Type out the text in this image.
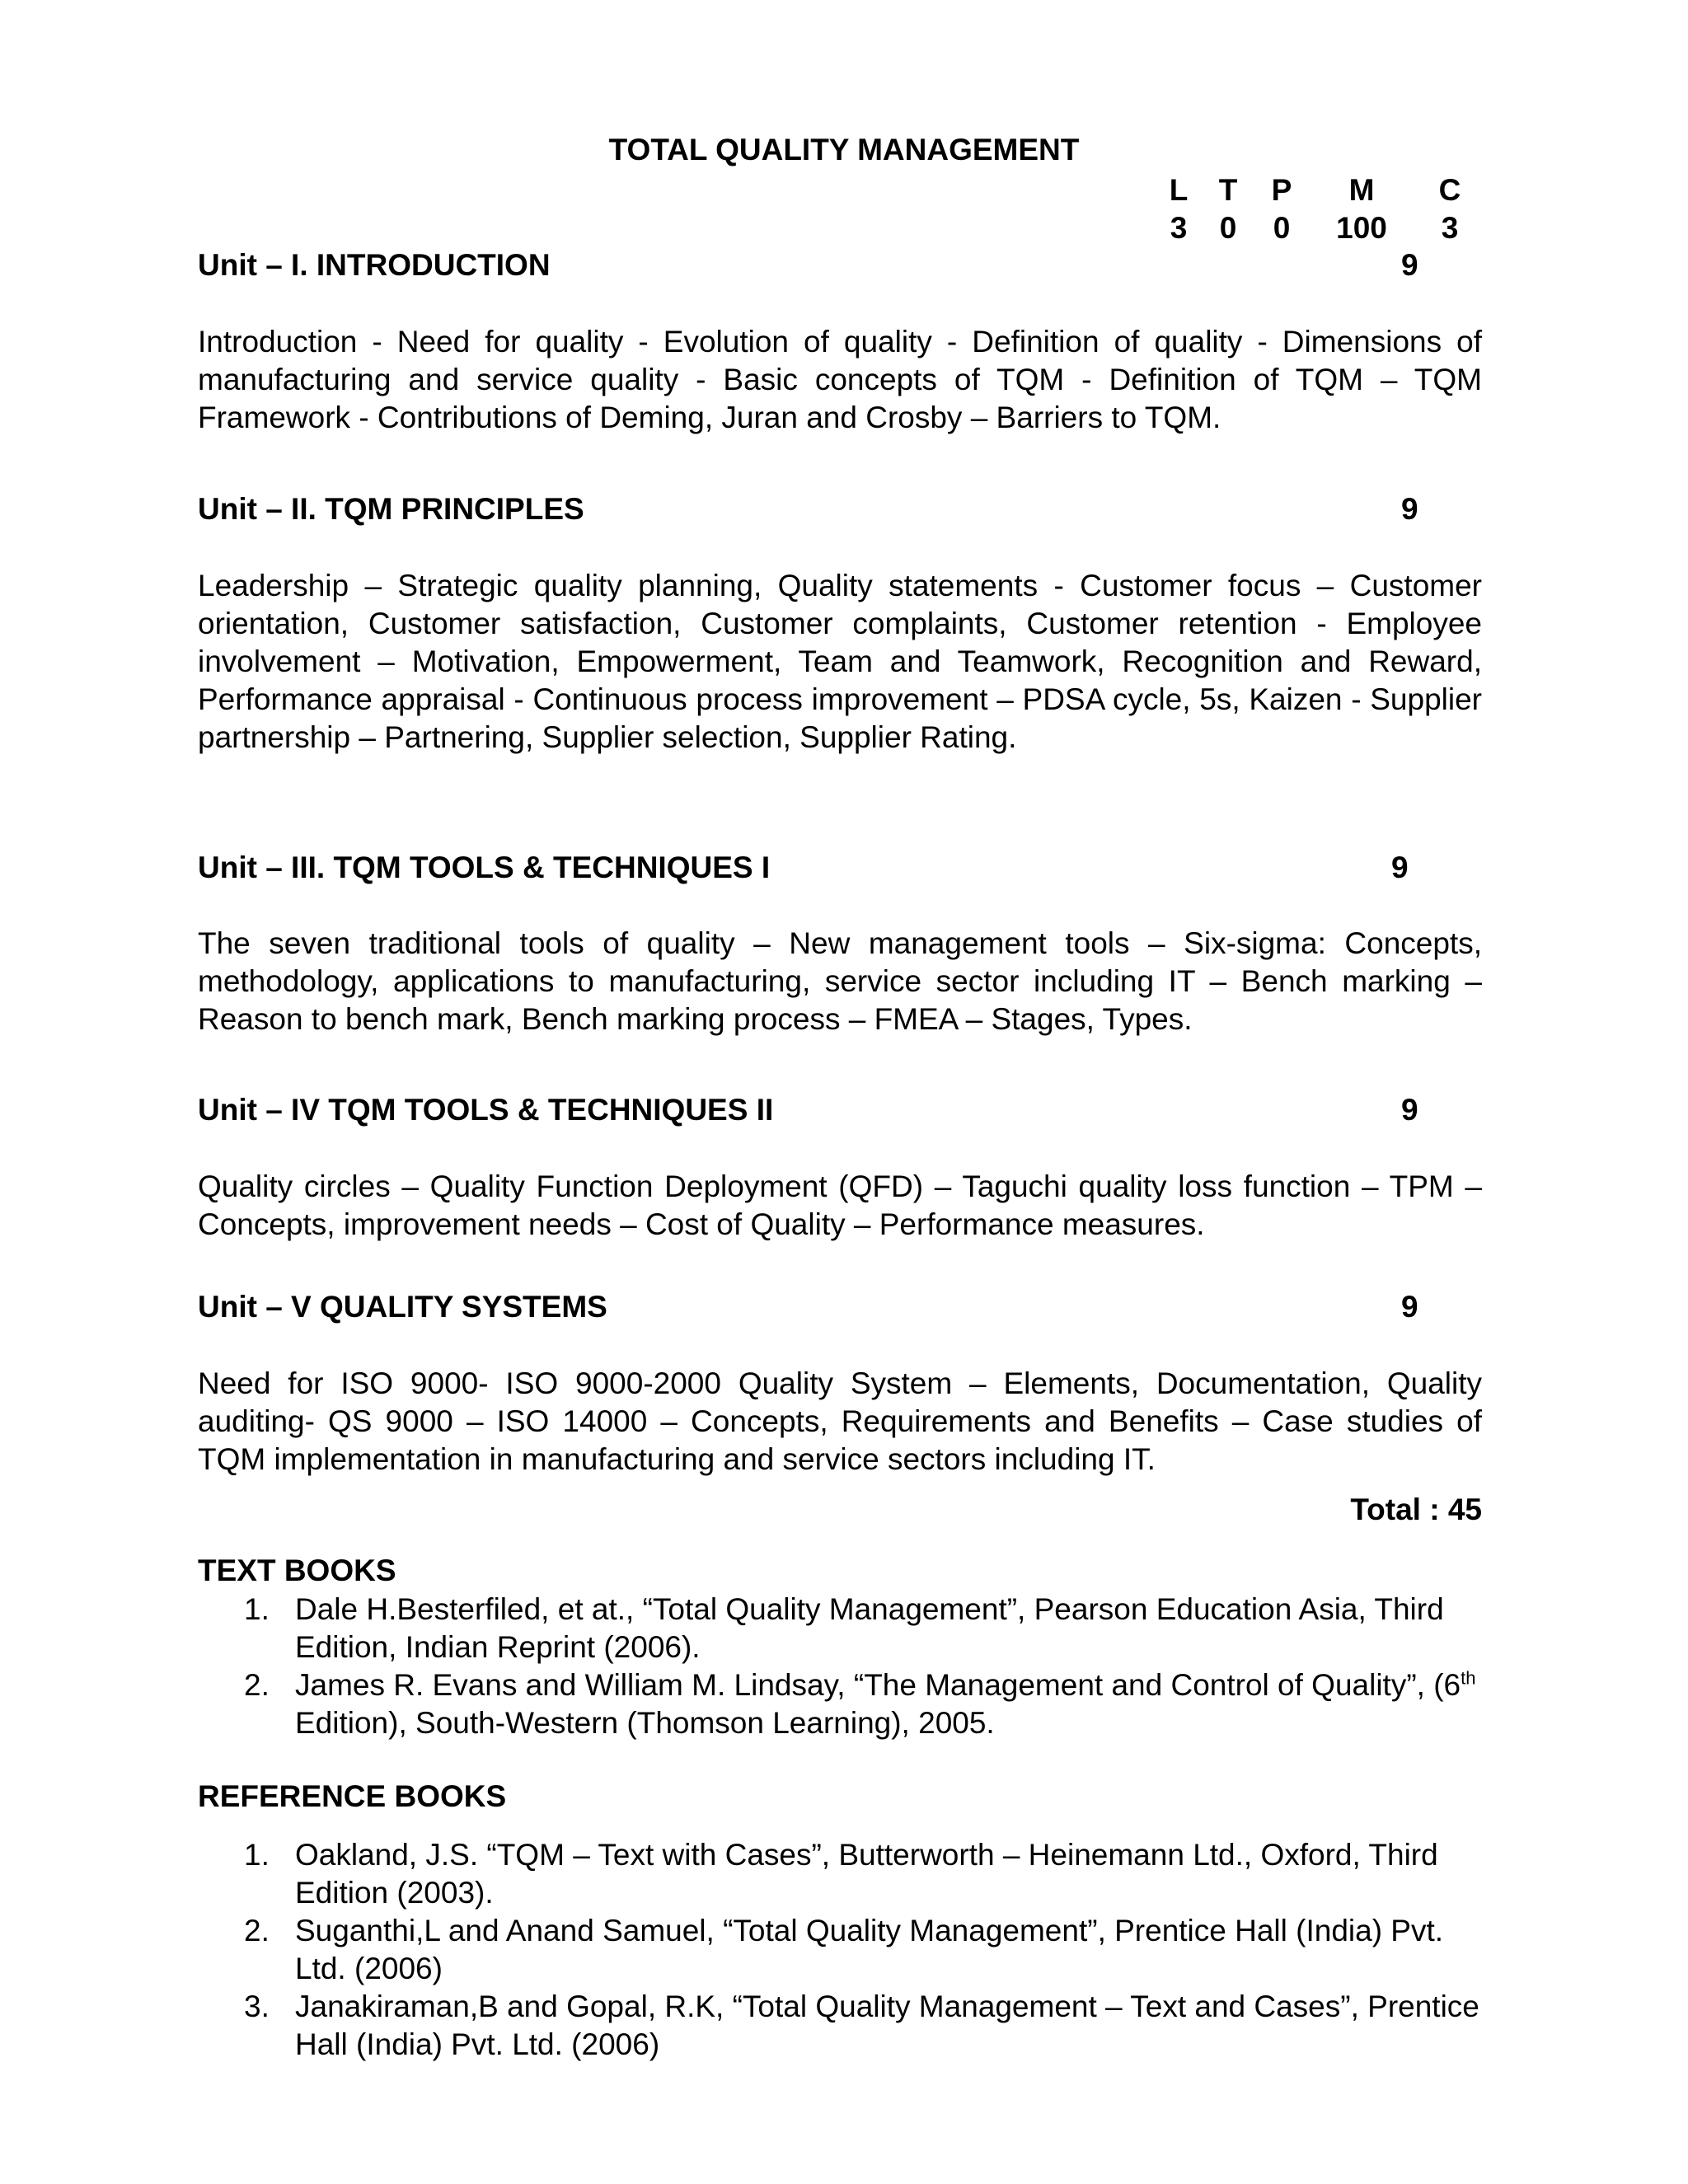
TOTAL QUALITY MANAGEMENT
L	T	P	M	C
3	0	0	100	3
Unit – I. INTRODUCTION	9

Introduction - Need for quality - Evolution of quality - Definition of quality - Dimensions of manufacturing and service quality - Basic concepts of TQM - Definition of TQM – TQM Framework - Contributions of Deming, Juran and Crosby – Barriers to TQM.

Unit – II. TQM PRINCIPLES	9

Leadership – Strategic quality planning, Quality statements - Customer focus – Customer orientation, Customer satisfaction, Customer complaints, Customer retention - Employee involvement – Motivation, Empowerment, Team and Teamwork, Recognition and Reward, Performance appraisal - Continuous process improvement – PDSA cycle, 5s, Kaizen - Supplier partnership – Partnering, Supplier selection, Supplier Rating.

Unit – III. TQM TOOLS & TECHNIQUES I	9

The seven traditional tools of quality – New management tools – Six-sigma: Concepts, methodology, applications to manufacturing, service sector including IT – Bench marking – Reason to bench mark, Bench marking process – FMEA – Stages, Types.

Unit – IV TQM TOOLS & TECHNIQUES II	9

Quality circles – Quality Function Deployment (QFD) – Taguchi quality loss function – TPM – Concepts, improvement needs – Cost of Quality – Performance measures.

Unit – V QUALITY SYSTEMS	9

Need for ISO 9000- ISO 9000-2000 Quality System – Elements, Documentation, Quality auditing- QS 9000 – ISO 14000 – Concepts, Requirements and Benefits – Case studies of TQM implementation in manufacturing and service sectors including IT.

Total : 45
TEXT BOOKS
1. Dale H.Besterfiled, et at., “Total Quality Management”, Pearson Education Asia, Third Edition, Indian Reprint (2006).
2. James R. Evans and William M. Lindsay, “The Management and Control of Quality”, (6th Edition), South-Western (Thomson Learning), 2005.
REFERENCE BOOKS
1. Oakland, J.S. “TQM – Text with Cases”, Butterworth – Heinemann Ltd., Oxford, Third Edition (2003).
2. Suganthi,L and Anand Samuel, “Total Quality Management”, Prentice Hall (India) Pvt. Ltd. (2006)
3. Janakiraman,B and Gopal, R.K, “Total Quality Management – Text and Cases”, Prentice Hall (India) Pvt. Ltd. (2006)
